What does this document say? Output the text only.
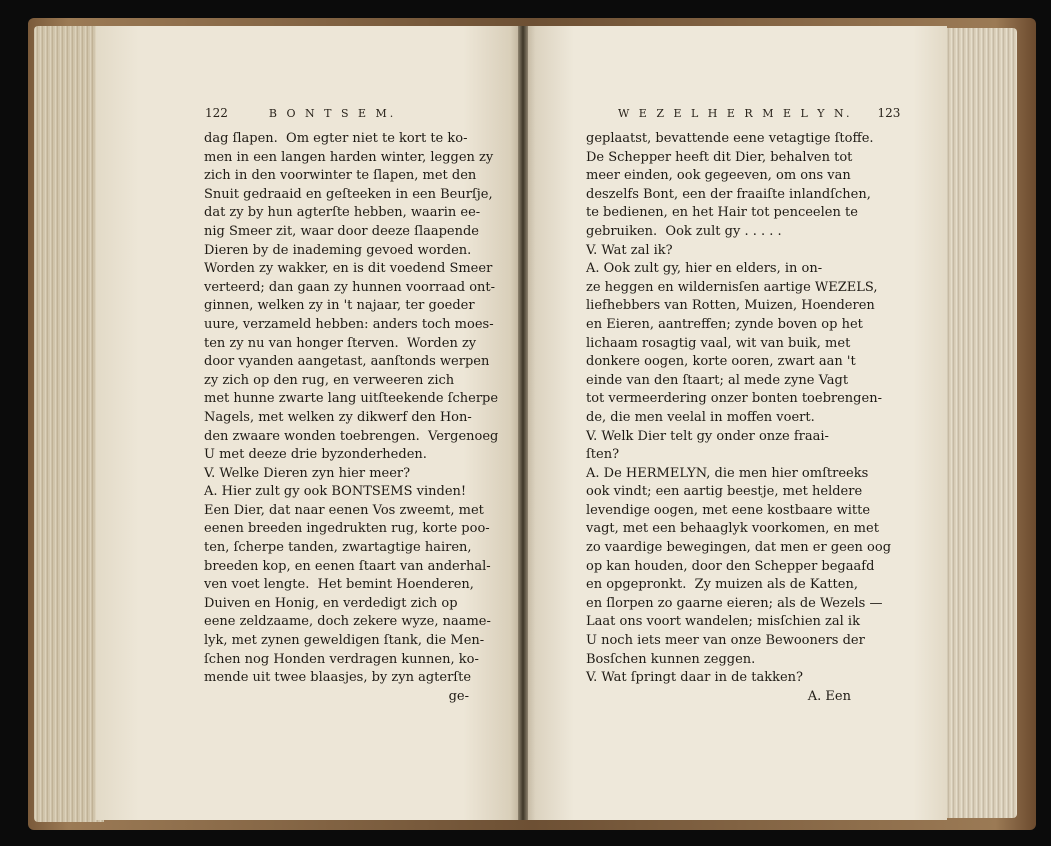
122	B O N T S E M.	W E Z E L H E R M E L Y N. 123
dag ſlapen.  Om egter niet te kort te ko-
men in een langen harden winter, leggen zy
zich in den voorwinter te ſlapen, met den
Snuit gedraaid en geſteeken in een Beurſje,
dat zy by hun agterſte hebben, waarin ee-
nig Smeer zit, waar door deeze ſlaapende
Dieren by de inademing gevoed worden.
Worden zy wakker, en is dit voedend Smeer
verteerd; dan gaan zy hunnen voorraad ont-
ginnen, welken zy in 't najaar, ter goeder
uure, verzameld hebben: anders toch moes-
ten zy nu van honger ſterven.  Worden zy
door vyanden aangetast, aanſtonds werpen
zy zich op den rug, en verweeren zich
met hunne zwarte lang uitſteekende ſcherpe
Nagels, met welken zy dikwerf den Hon-
den zwaare wonden toebrengen.  Vergenoeg
U met deeze drie byzonderheden.
V. Welke Dieren zyn hier meer?
A. Hier zult gy ook BONTSEMS vinden!
Een Dier, dat naar eenen Vos zweemt, met
eenen breeden ingedrukten rug, korte poo-
ten, ſcherpe tanden, zwartagtige hairen,
breeden kop, en eenen ſtaart van anderhal-
ven voet lengte.  Het bemint Hoenderen,
Duiven en Honig, en verdedigt zich op
eene zeldzaame, doch zekere wyze, naame-
lyk, met zynen geweldigen ſtank, die Men-
ſchen nog Honden verdragen kunnen, ko-
mende uit twee blaasjes, by zyn agterſte
ge-
geplaatst, bevattende eene vetagtige ſtoffe.
De Schepper heeft dit Dier, behalven tot
meer einden, ook gegeeven, om ons van
deszelfs Bont, een der fraaiſte inlandſchen,
te bedienen, en het Hair tot penceelen te
gebruiken.  Ook zult gy . . . . .
V. Wat zal ik?
A. Ook zult gy, hier en elders, in on-
ze heggen en wildernisſen aartige WEZELS,
liefhebbers van Rotten, Muizen, Hoenderen
en Eieren, aantreffen; zynde boven op het
lichaam rosagtig vaal, wit van buik, met
donkere oogen, korte ooren, zwart aan 't
einde van den ſtaart; al mede zyne Vagt
tot vermeerdering onzer bonten toebrengen-
de, die men veelal in moffen voert.
V. Welk Dier telt gy onder onze fraai-
ſten?
A. De HERMELYN, die men hier omſtreeks
ook vindt; een aartig beestje, met heldere
levendige oogen, met eene kostbaare witte
vagt, met een behaaglyk voorkomen, en met
zo vaardige bewegingen, dat men er geen oog
op kan houden, door den Schepper begaafd
en opgepronkt.  Zy muizen als de Katten,
en ſlorpen zo gaarne eieren; als de Wezels —
Laat ons voort wandelen; misſchien zal ik
U noch iets meer van onze Bewooners der
Bosſchen kunnen zeggen.
V. Wat ſpringt daar in de takken?
A. Een
